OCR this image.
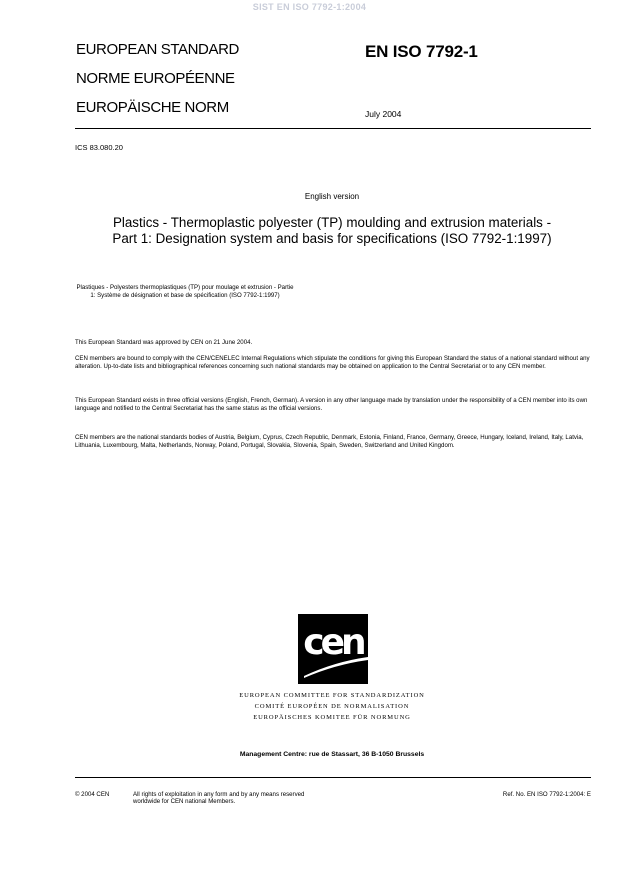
SIST EN ISO 7792-1:2004
EUROPEAN STANDARD
NORME EUROPÉENNE
EUROPÄISCHE NORM
EN ISO 7792-1
July 2004
ICS 83.080.20
English version
Plastics - Thermoplastic polyester (TP) moulding and extrusion materials - Part 1: Designation system and basis for specifications (ISO 7792-1:1997)
Plastiques - Polyesters thermoplastiques (TP) pour moulage et extrusion - Partie 1: Système de désignation et base de spécification (ISO 7792-1:1997)
This European Standard was approved by CEN on 21 June 2004.
CEN members are bound to comply with the CEN/CENELEC Internal Regulations which stipulate the conditions for giving this European Standard the status of a national standard without any alteration. Up-to-date lists and bibliographical references concerning such national standards may be obtained on application to the Central Secretariat or to any CEN member.
This European Standard exists in three official versions (English, French, German). A version in any other language made by translation under the responsibility of a CEN member into its own language and notified to the Central Secretariat has the same status as the official versions.
CEN members are the national standards bodies of Austria, Belgium, Cyprus, Czech Republic, Denmark, Estonia, Finland, France, Germany, Greece, Hungary, Iceland, Ireland, Italy, Latvia, Lithuania, Luxembourg, Malta, Netherlands, Norway, Poland, Portugal, Slovakia, Slovenia, Spain, Sweden, Switzerland and United Kingdom.
cen
EUROPEAN COMMITTEE FOR STANDARDIZATION
COMITÉ EUROPÉEN DE NORMALISATION
EUROPÄISCHES KOMITEE FÜR NORMUNG
Management Centre: rue de Stassart, 36 B-1050 Brussels
© 2004 CEN	All rights of exploitation in any form and by any means reserved
worldwide for CEN national Members.
Ref. No. EN ISO 7792-1:2004: E
